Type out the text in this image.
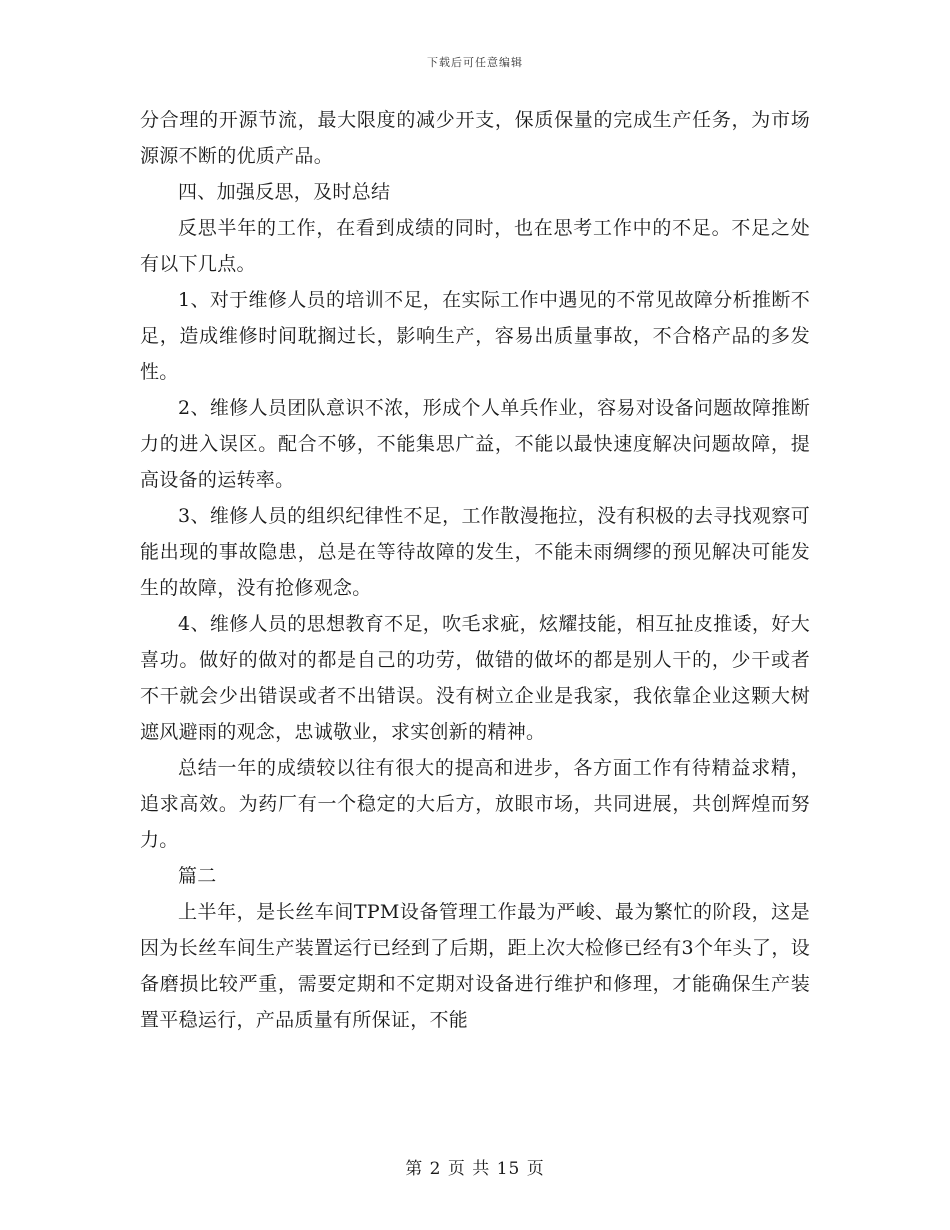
下载后可任意编辑

分合理的开源节流，最大限度的减少开支，保质保量的完成生产任务，为市场源源不断的优质产品。

四、加强反思，及时总结

反思半年的工作，在看到成绩的同时，也在思考工作中的不足。不足之处有以下几点。

1、对于维修人员的培训不足，在实际工作中遇见的不常见故障分析推断不足，造成维修时间耽搁过长，影响生产，容易出质量事故，不合格产品的多发性。

2、维修人员团队意识不浓，形成个人单兵作业，容易对设备问题故障推断力的进入误区。配合不够，不能集思广益，不能以最快速度解决问题故障，提高设备的运转率。

3、维修人员的组织纪律性不足，工作散漫拖拉，没有积极的去寻找观察可能出现的事故隐患，总是在等待故障的发生，不能未雨绸缪的预见解决可能发生的故障，没有抢修观念。

4、维修人员的思想教育不足，吹毛求疵，炫耀技能，相互扯皮推诿，好大喜功。做好的做对的都是自己的功劳，做错的做坏的都是别人干的，少干或者不干就会少出错误或者不出错误。没有树立企业是我家，我依靠企业这颗大树遮风避雨的观念，忠诚敬业，求实创新的精神。

总结一年的成绩较以往有很大的提高和进步，各方面工作有待精益求精，追求高效。为药厂有一个稳定的大后方，放眼市场，共同进展，共创辉煌而努力。

篇二

上半年，是长丝车间TPM设备管理工作最为严峻、最为繁忙的阶段，这是因为长丝车间生产装置运行已经到了后期，距上次大检修已经有3个年头了，设备磨损比较严重，需要定期和不定期对设备进行维护和修理，才能确保生产装置平稳运行，产品质量有所保证，不能

第 2 页 共 15 页
